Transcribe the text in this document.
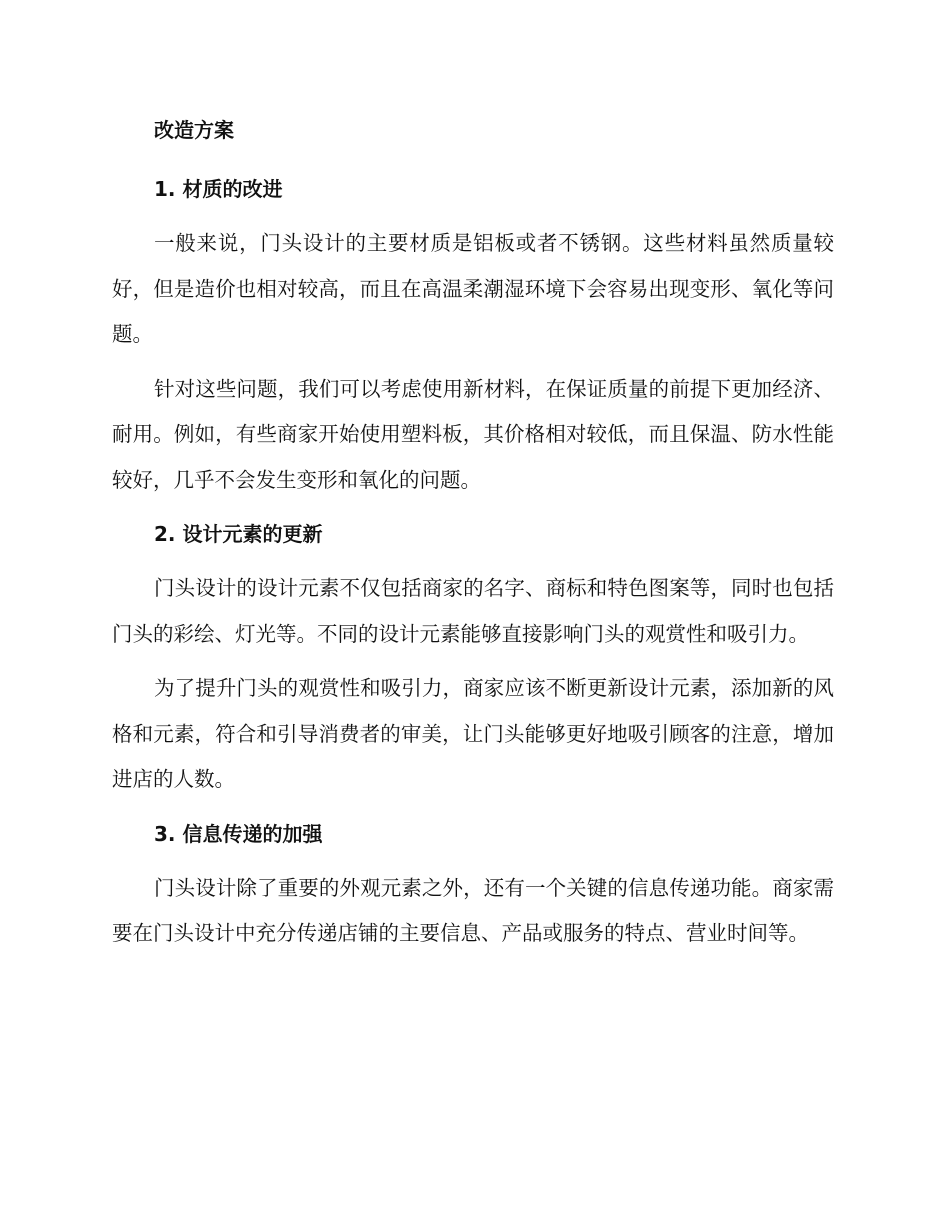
改造方案
1. 材质的改进

一般来说，门头设计的主要材质是铝板或者不锈钢。这些材料虽然质量较好，但是造价也相对较高，而且在高温柔潮湿环境下会容易出现变形、氧化等问题。

针对这些问题，我们可以考虑使用新材料，在保证质量的前提下更加经济、耐用。例如，有些商家开始使用塑料板，其价格相对较低，而且保温、防水性能较好，几乎不会发生变形和氧化的问题。

2. 设计元素的更新

门头设计的设计元素不仅包括商家的名字、商标和特色图案等，同时也包括门头的彩绘、灯光等。不同的设计元素能够直接影响门头的观赏性和吸引力。

为了提升门头的观赏性和吸引力，商家应该不断更新设计元素，添加新的风格和元素，符合和引导消费者的审美，让门头能够更好地吸引顾客的注意，增加进店的人数。

3. 信息传递的加强

门头设计除了重要的外观元素之外，还有一个关键的信息传递功能。商家需要在门头设计中充分传递店铺的主要信息、产品或服务的特点、营业时间等。
